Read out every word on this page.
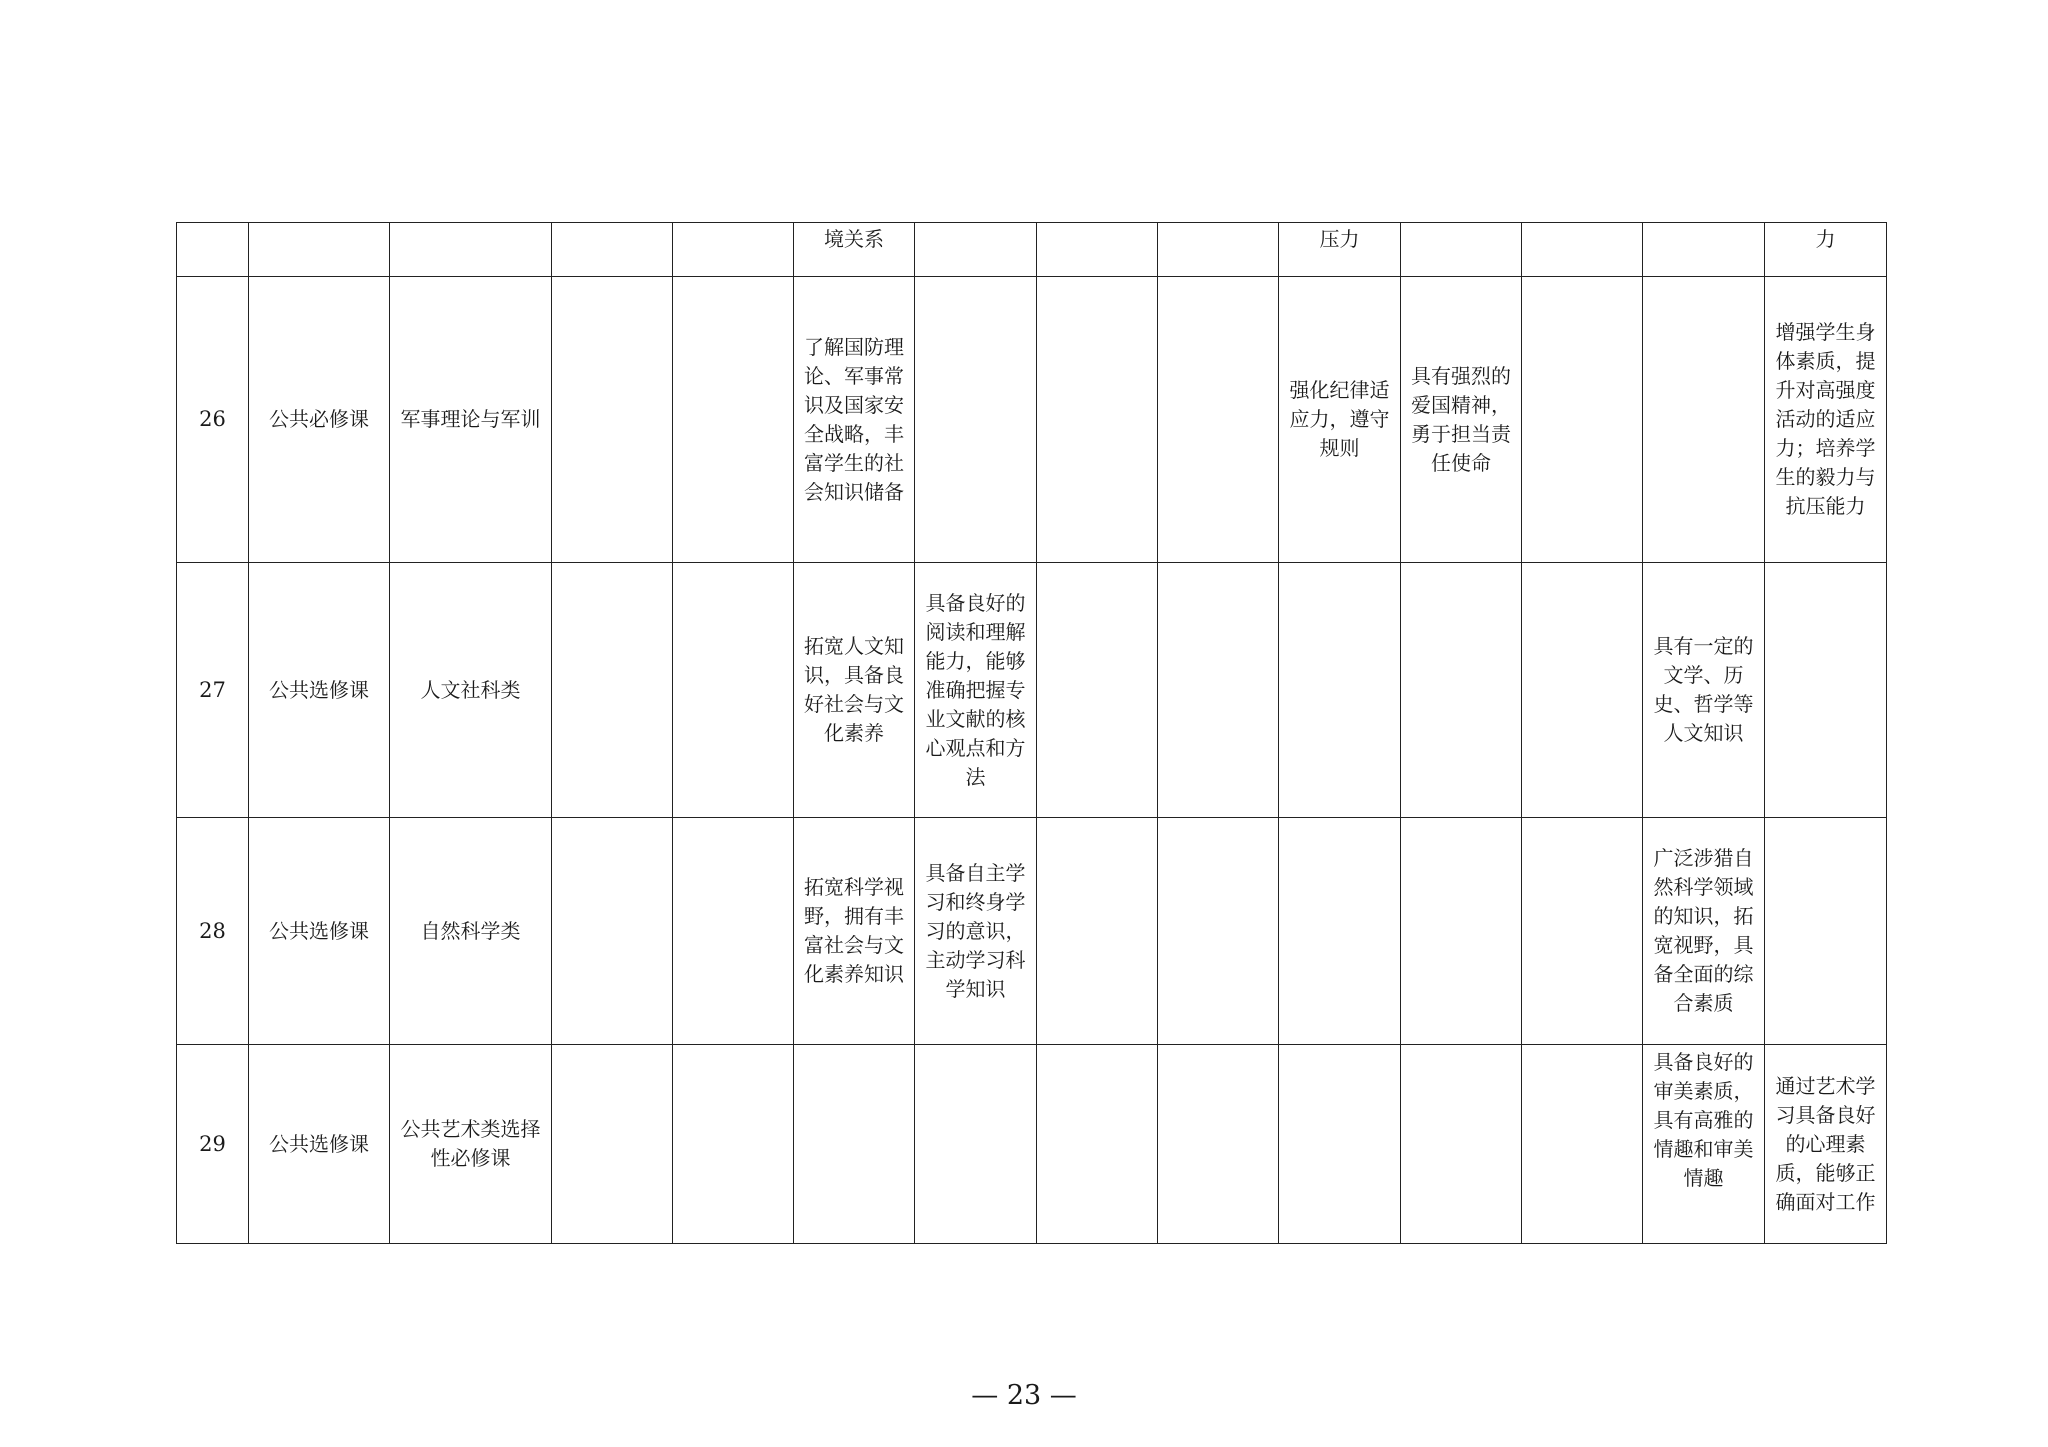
					境关系				压力				力
26	公共必修课	军事理论与军训			了解国防理论、军事常识及国家安全战略，丰富学生的社会知识储备				强化纪律适应力，遵守规则	具有强烈的爱国精神，勇于担当责任使命			增强学生身体素质，提升对高强度活动的适应力；培养学生的毅力与抗压能力
27	公共选修课	人文社科类			拓宽人文知识，具备良好社会与文化素养	具备良好的阅读和理解能力，能够准确把握专业文献的核心观点和方法						具有一定的文学、历史、哲学等人文知识	
28	公共选修课	自然科学类			拓宽科学视野，拥有丰富社会与文化素养知识	具备自主学习和终身学习的意识，主动学习科学知识						广泛涉猎自然科学领域的知识，拓宽视野，具备全面的综合素质	
29	公共选修课	公共艺术类选择性必修课										具备良好的审美素质，具有高雅的情趣和审美情趣	通过艺术学习具备良好的心理素质，能够正确面对工作
— 23 —
